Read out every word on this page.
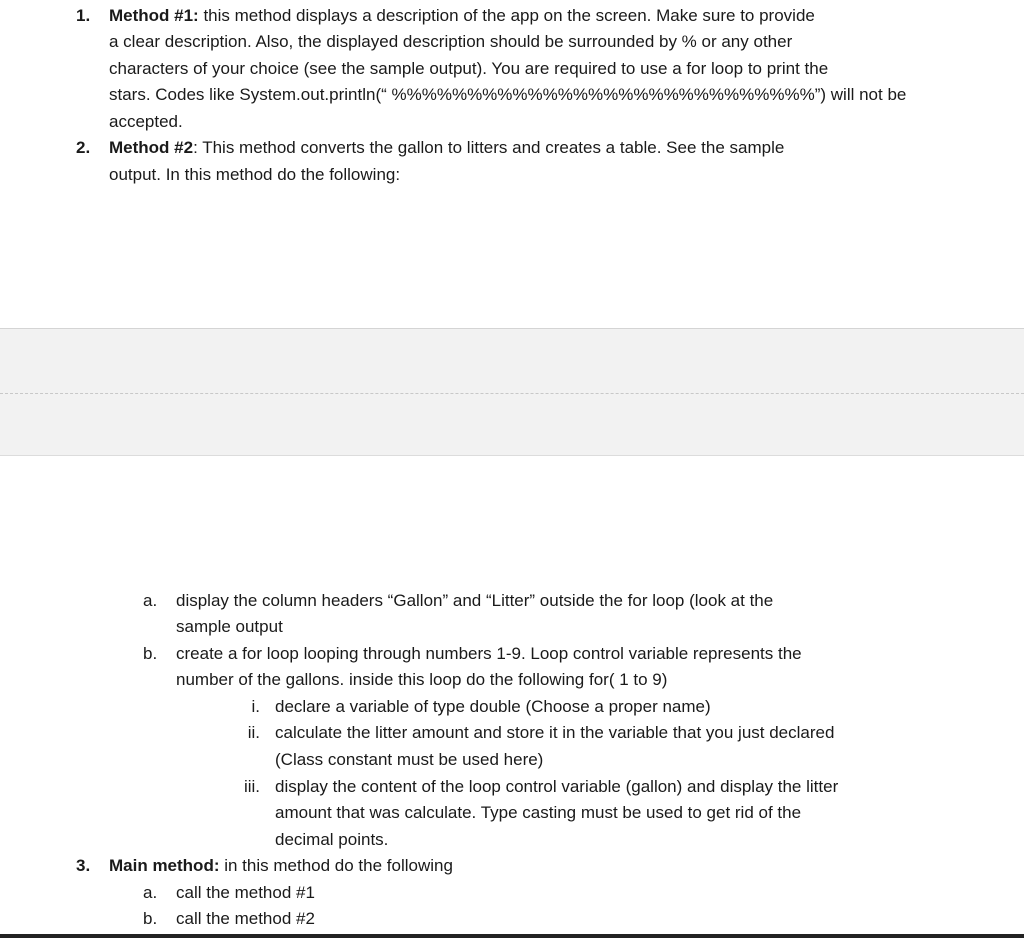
1. Method #1: this method displays a description of the app on the screen. Make sure to provide
a clear description. Also, the displayed description should be surrounded by % or any other
characters of your choice (see the sample output). You are required to use a for loop to print the
stars. Codes like System.out.println(“ %%%%%%%%%%%%%%%%%%%%%%%%%%%%”) will not be
accepted.
2. Method #2: This method converts the gallon to litters and creates a table. See the sample
output. In this method do the following:
a. display the column headers “Gallon” and “Litter” outside the for loop (look at the
sample output
b. create a for loop looping through numbers 1-9. Loop control variable represents the
number of the gallons. inside this loop do the following for( 1 to 9)
i. declare a variable of type double (Choose a proper name)
ii. calculate the litter amount and store it in the variable that you just declared
(Class constant must be used here)
iii. display the content of the loop control variable (gallon) and display the litter
amount that was calculate. Type casting must be used to get rid of the
decimal points.
3. Main method: in this method do the following
a. call the method #1
b. call the method #2
